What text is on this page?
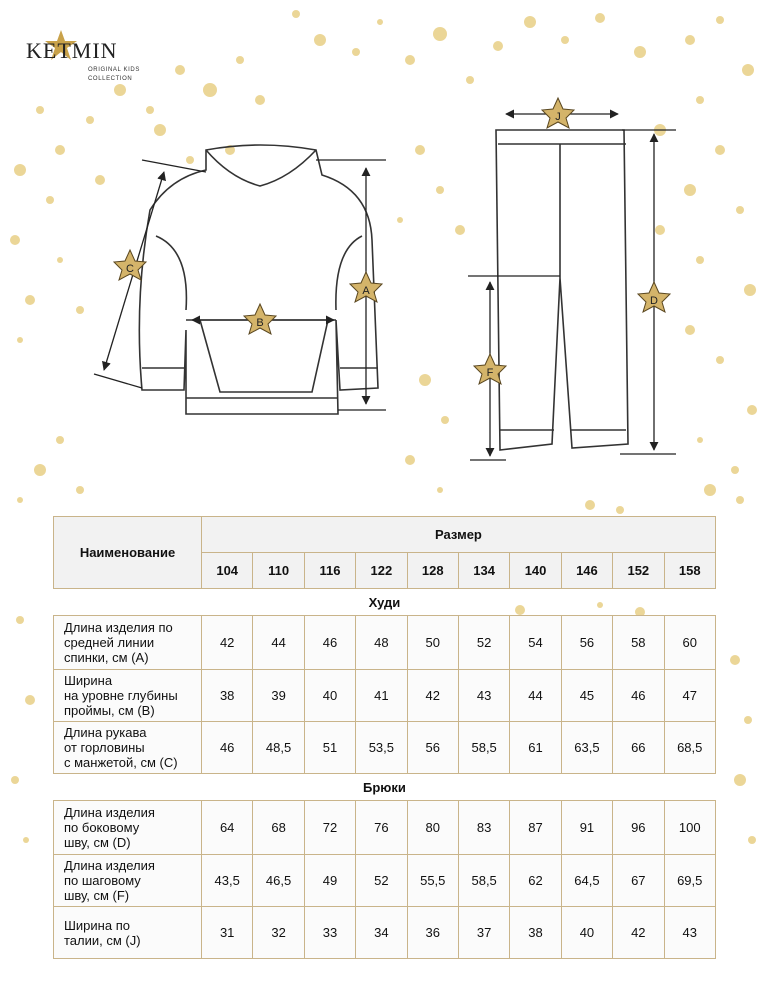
KETMIN
ORIGINAL KIDS
COLLECTION
A
B
C
J
D
F
Наименование	Размер									
	104	110	116	122	128	134	140	146	152	158
Худи										

Длина изделия по
средней линии
спинки, см (A)	42	44	46	48	50	52	54	56	58	60

Ширина
на уровне глубины
проймы, см (B)	38	39	40	41	42	43	44	45	46	47

Длина рукава
от горловины
с манжетой, см (C)	46	48,5	51	53,5	56	58,5	61	63,5	66	68,5
Брюки										

Длина изделия
по боковому
шву, см (D)	64	68	72	76	80	83	87	91	96	100

Длина изделия
по шаговому
шву, см (F)	43,5	46,5	49	52	55,5	58,5	62	64,5	67	69,5

Ширина по
талии, см (J)	31	32	33	34	36	37	38	40	42	43
